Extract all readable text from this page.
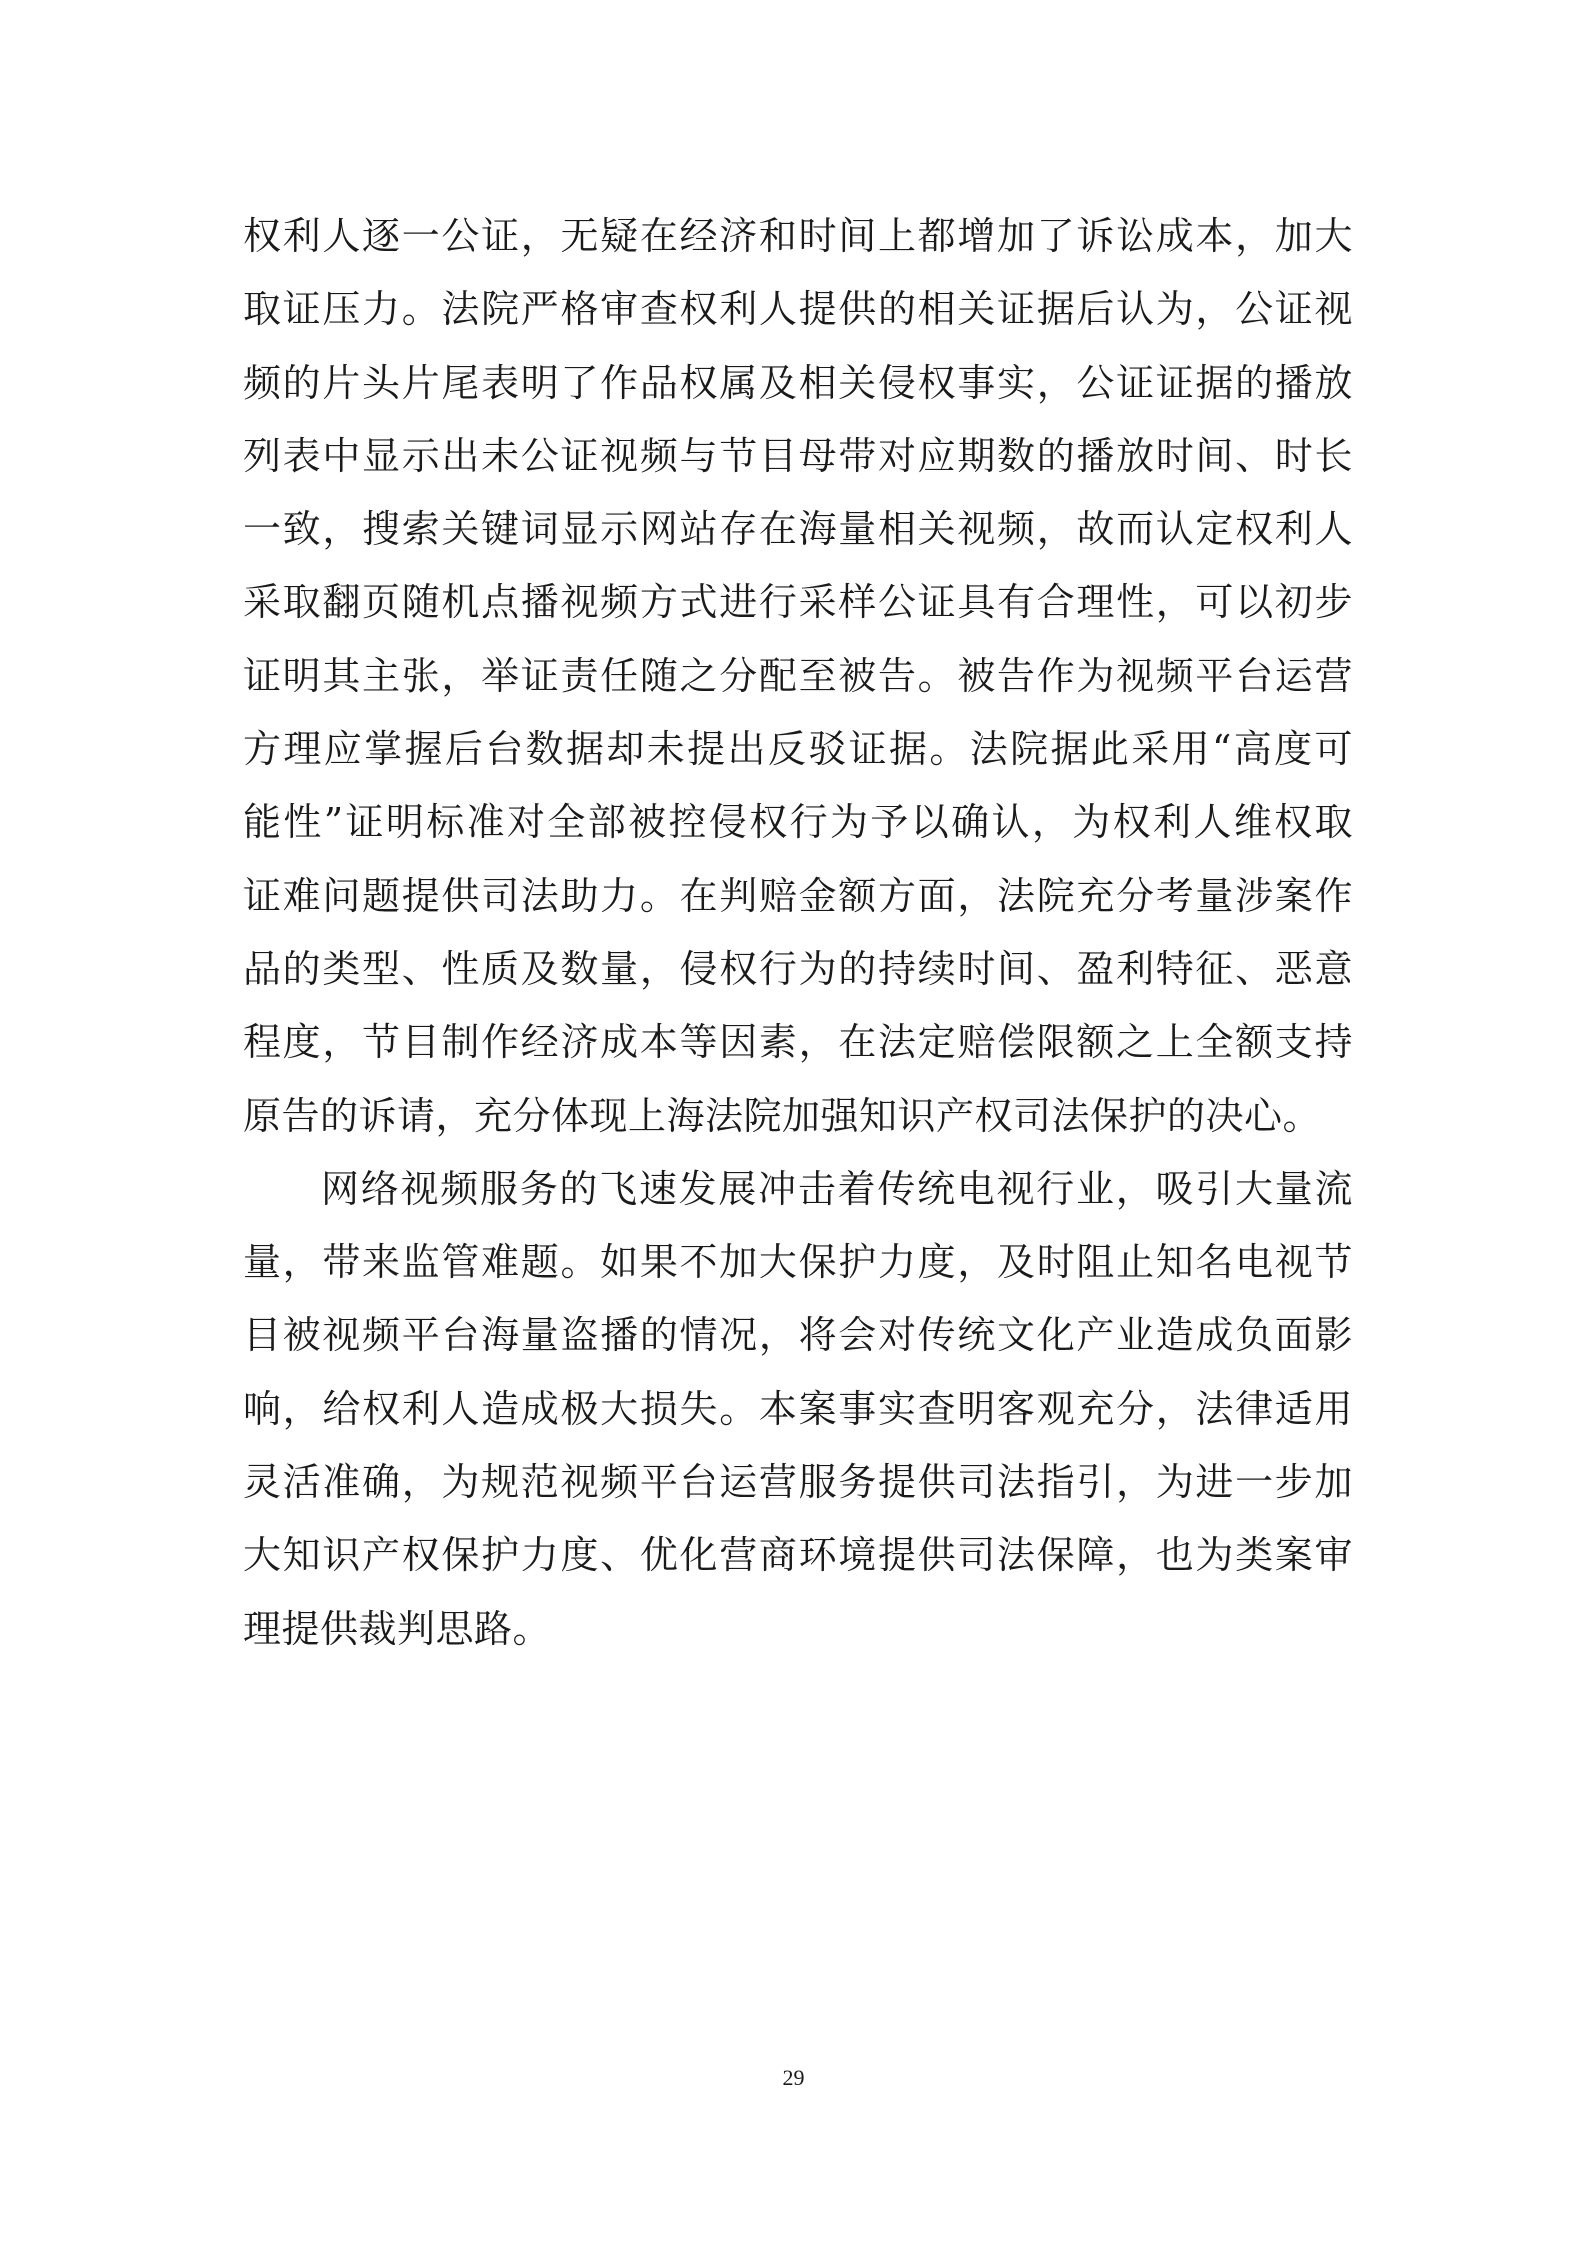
权利人逐一公证，无疑在经济和时间上都增加了诉讼成本，加大
取证压力。法院严格审查权利人提供的相关证据后认为，公证视
频的片头片尾表明了作品权属及相关侵权事实，公证证据的播放
列表中显示出未公证视频与节目母带对应期数的播放时间、时长
一致，搜索关键词显示网站存在海量相关视频，故而认定权利人
采取翻页随机点播视频方式进行采样公证具有合理性，可以初步
证明其主张，举证责任随之分配至被告。被告作为视频平台运营
方理应掌握后台数据却未提出反驳证据。法院据此采用“高度可
能性”证明标准对全部被控侵权行为予以确认，为权利人维权取
证难问题提供司法助力。在判赔金额方面，法院充分考量涉案作
品的类型、性质及数量，侵权行为的持续时间、盈利特征、恶意
程度，节目制作经济成本等因素，在法定赔偿限额之上全额支持
原告的诉请，充分体现上海法院加强知识产权司法保护的决心。
网络视频服务的飞速发展冲击着传统电视行业，吸引大量流
量，带来监管难题。如果不加大保护力度，及时阻止知名电视节
目被视频平台海量盗播的情况，将会对传统文化产业造成负面影
响，给权利人造成极大损失。本案事实查明客观充分，法律适用
灵活准确，为规范视频平台运营服务提供司法指引，为进一步加
大知识产权保护力度、优化营商环境提供司法保障，也为类案审
理提供裁判思路。
29
